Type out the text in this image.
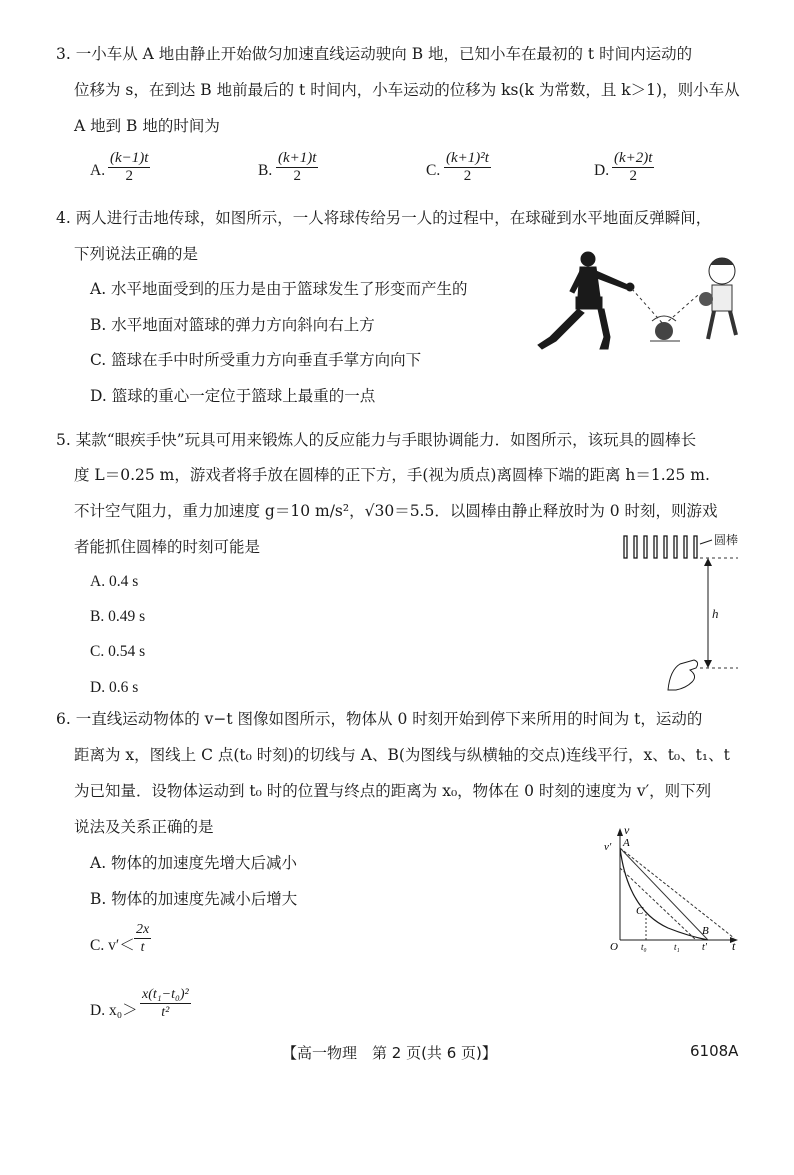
3. 一小车从 A 地由静止开始做匀加速直线运动驶向 B 地，已知小车在最初的 t 时间内运动的
位移为 s，在到达 B 地前最后的 t 时间内，小车运动的位移为 ks(k 为常数，且 k＞1)，则小车从
A 地到 B 地的时间为
A. $\frac{(k-1)t}{2}$	B. $\frac{(k+1)t}{2}$	C. $\frac{\text{(k+1)²t}}{2}$	D. $\frac{(k+2)t}{2}$
4. 两人进行击地传球，如图所示，一人将球传给另一人的过程中，在球碰到水平地面反弹瞬间，
下列说法正确的是
A. 水平地面受到的压力是由于篮球发生了形变而产生的
B. 水平地面对篮球的弹力方向斜向右上方
C. 篮球在手中时所受重力方向垂直手掌方向向下
D. 篮球的重心一定位于篮球上最重的一点
5. 某款“眼疾手快”玩具可用来锻炼人的反应能力与手眼协调能力．如图所示，该玩具的圆棒长
度 L＝0.25 m，游戏者将手放在圆棒的正下方，手(视为质点)离圆棒下端的距离 h＝1.25 m.
不计空气阻力，重力加速度 g＝10 m/s²，√30＝5.5．以圆棒由静止释放时为 0 时刻，则游戏
者能抓住圆棒的时刻可能是
A. 0.4 s
B. 0.49 s
C. 0.54 s
D. 0.6 s
圆棒
h
6. 一直线运动物体的 v−t 图像如图所示，物体从 0 时刻开始到停下来所用的时间为 t，运动的
距离为 x，图线上 C 点(t₀ 时刻)的切线与 A、B(为图线与纵横轴的交点)连线平行，x、t₀、t₁、t
为已知量．设物体运动到 t₀ 时的位置与终点的距离为 x₀，物体在 0 时刻的速度为 v′，则下列
说法及关系正确的是
A. 物体的加速度先增大后减小
B. 物体的加速度先减小后增大
C. $v'< \frac{2x}{t}$
D. $x_0> \frac{\text{x(t₁−t₀)²}}{\text{t²}}$
v
t
v′ A
O
C
B
t₀	t₁ t′
【高一物理　第 2 页(共 6 页)】	6108A
